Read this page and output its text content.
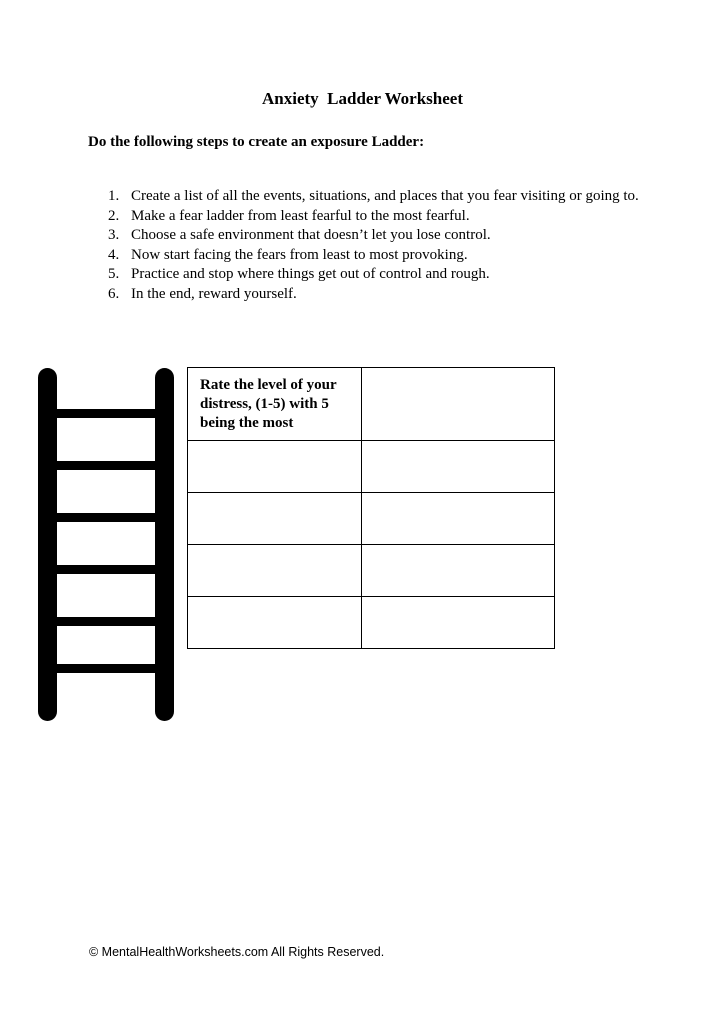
Anxiety  Ladder Worksheet

Do the following steps to create an exposure Ladder:

1. Create a list of all the events, situations, and places that you fear visiting or going to.
2. Make a fear ladder from least fearful to the most fearful.
3. Choose a safe environment that doesn’t let you lose control.
4. Now start facing the fears from least to most provoking.
5. Practice and stop where things get out of control and rough.
6. In the end, reward yourself.
Rate the level of your distress, (1-5) with 5 being the most	

© MentalHealthWorksheets.com All Rights Reserved.
